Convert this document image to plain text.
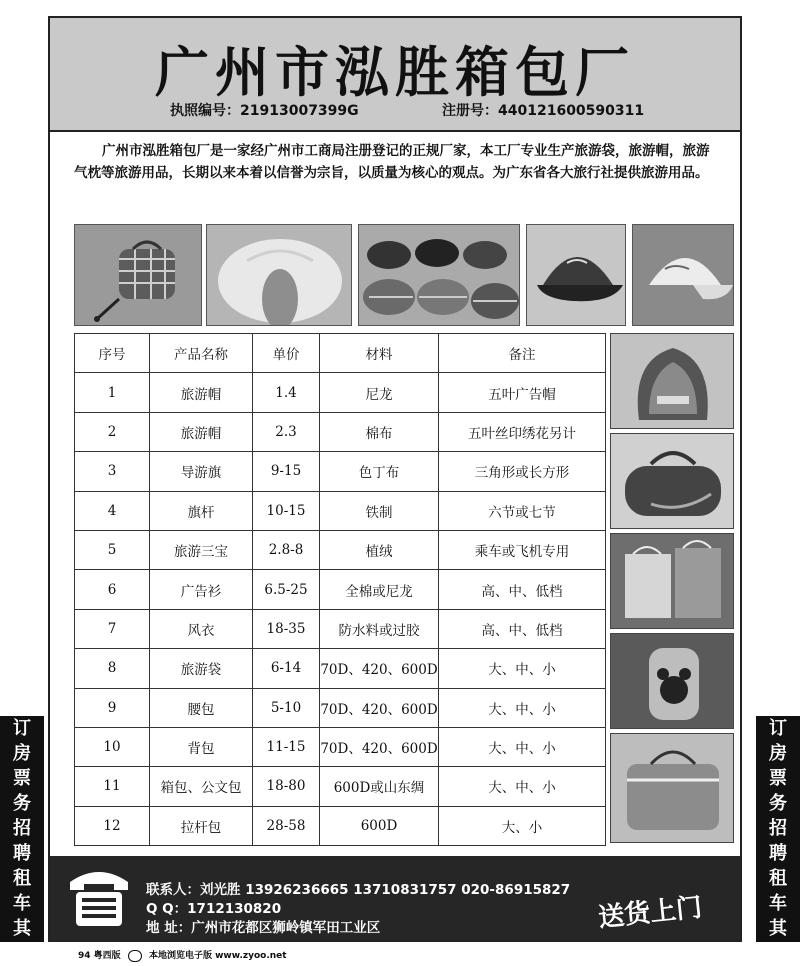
广州市泓胜箱包厂
执照编号：21913007399G	注册号：440121600590311
广州市泓胜箱包厂是一家经广州市工商局注册登记的正规厂家，本工厂专业生产旅游袋，旅游帽，旅游气枕等旅游用品，长期以来本着以信誉为宗旨，以质量为核心的观点。为广东省各大旅行社提供旅游用品。
序号	产品名称	单价	材料	备注
1	旅游帽	1.4	尼龙	五叶广告帽
2	旅游帽	2.3	棉布	五叶丝印绣花另计
3	导游旗	9-15	色丁布	三角形或长方形
4	旗杆	10-15	铁制	六节或七节
5	旅游三宝	2.8-8	植绒	乘车或飞机专用
6	广告衫	6.5-25	全棉或尼龙	高、中、低档
7	风衣	18-35	防水料或过胶	高、中、低档
8	旅游袋	6-14	70D、420、600D	大、中、小
9	腰包	5-10	70D、420、600D	大、中、小
10	背包	11-15	70D、420、600D	大、中、小
11	箱包、公文包	18-80	600D或山东绸	大、中、小
12	拉杆包	28-58	600D	大、小
联系人：刘光胜 13926236665 13710831757 020-86915827
Q Q：1712130820
地 址：广州市花都区狮岭镇军田工业区	送货上门
订
房
票
务
招
聘
租
车
其
他
订
房
票
务
招
聘
租
车
其
他
94 粤西版	本地浏览电子版 www.zyoo.net
